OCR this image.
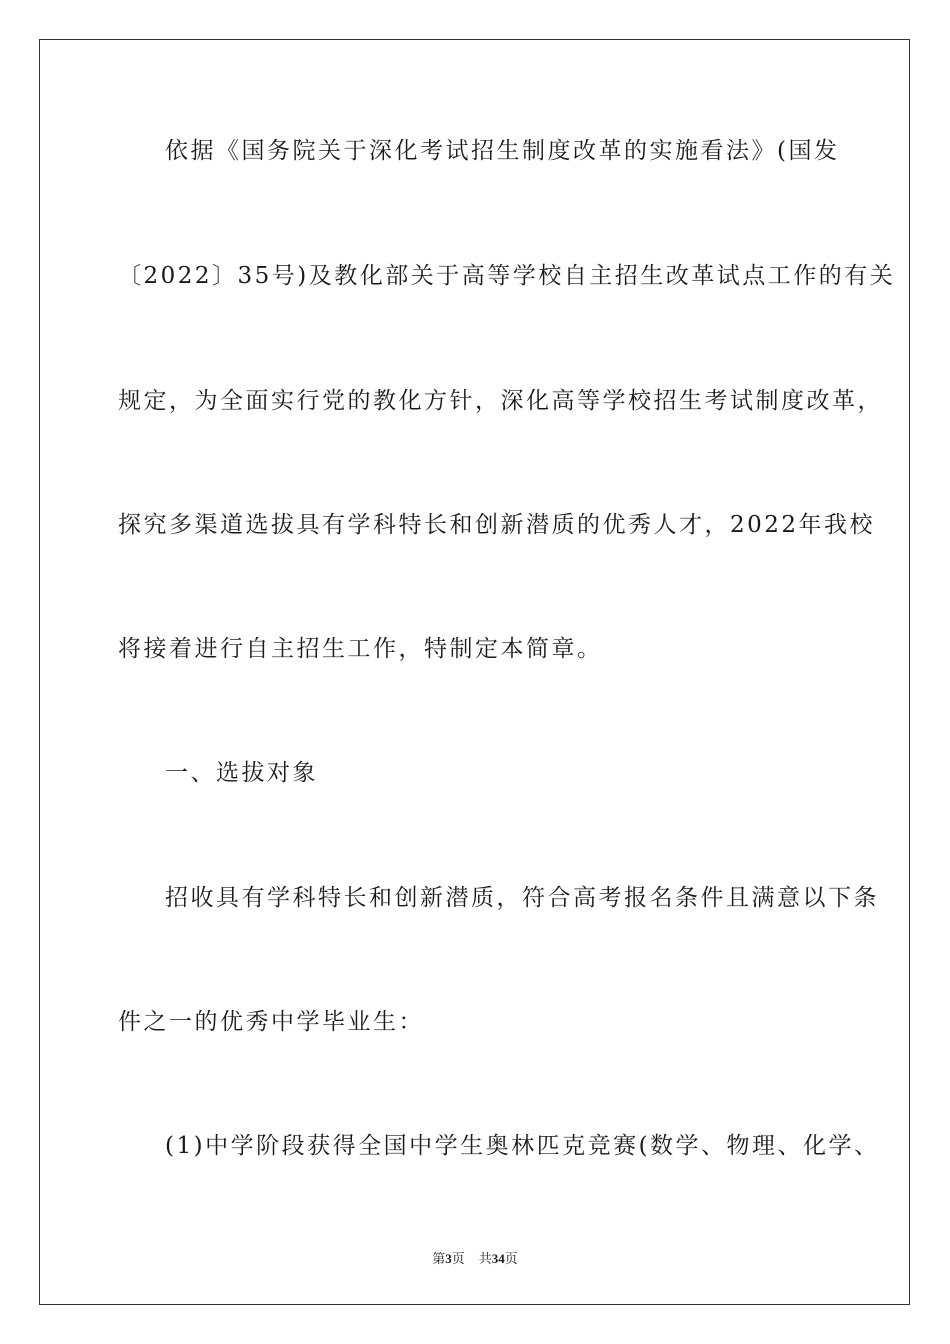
依据《国务院关于深化考试招生制度改革的实施看法》(国发
〔2022〕35号)及教化部关于高等学校自主招生改革试点工作的有关
规定，为全面实行党的教化方针，深化高等学校招生考试制度改革，
探究多渠道选拔具有学科特长和创新潜质的优秀人才，2022年我校
将接着进行自主招生工作，特制定本简章。
一、选拔对象
招收具有学科特长和创新潜质，符合高考报名条件且满意以下条
件之一的优秀中学毕业生：
(1)中学阶段获得全国中学生奥林匹克竞赛(数学、物理、化学、
第3页 共34页
